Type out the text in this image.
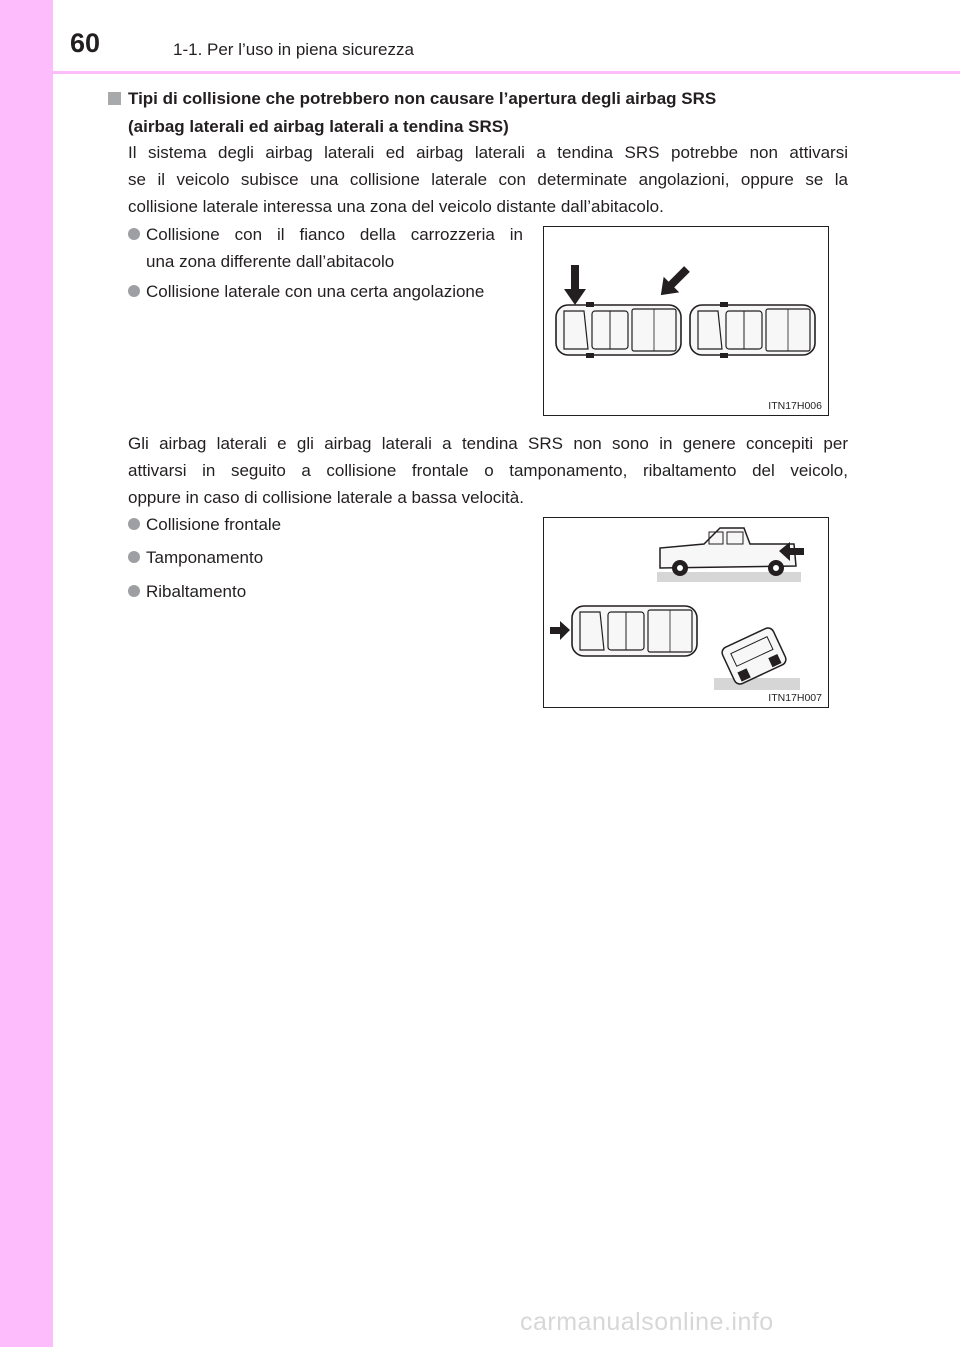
60	1-1. Per l’uso in piena sicurezza
Tipi di collisione che potrebbero non causare l’apertura degli airbag SRS
(airbag laterali ed airbag laterali a tendina SRS)
Il sistema degli airbag laterali ed airbag laterali a tendina SRS potrebbe non attivarsi
se il veicolo subisce una collisione laterale con determinate angolazioni, oppure se la
collisione laterale interessa una zona del veicolo distante dall’abitacolo.
Collisione con il fianco della carrozzeria in
una zona differente dall’abitacolo
Collisione laterale con una certa angolazione
ITN17H006
Gli airbag laterali e gli airbag laterali a tendina SRS non sono in genere concepiti per
attivarsi in seguito a collisione frontale o tamponamento, ribaltamento del veicolo,
oppure in caso di collisione laterale a bassa velocità.
Collisione frontale
Tamponamento
Ribaltamento
ITN17H007
carmanualsonline.info
